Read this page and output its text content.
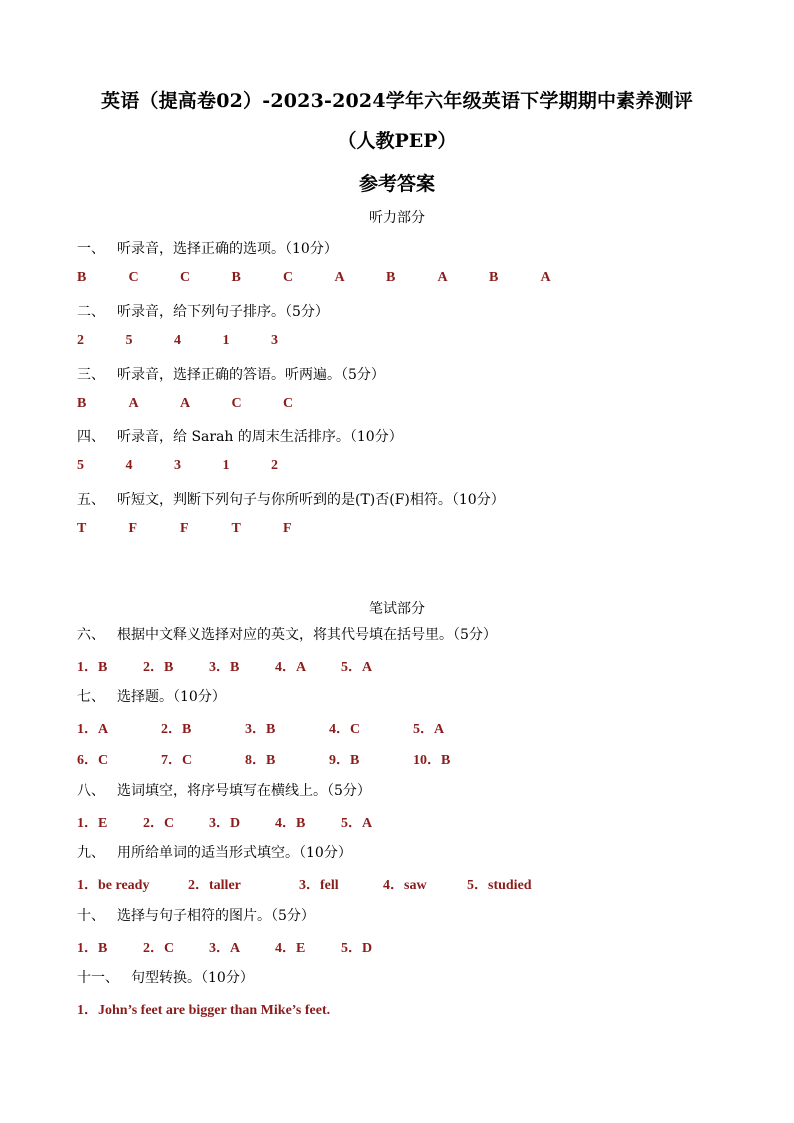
英语（提高卷02）-2023-2024学年六年级英语下学期期中素养测评
（人教PEP）
参考答案
听力部分
一、 听录音，选择正确的选项。（10分）
B	C	C	B	C	A	B	A	B	A
二、 听录音，给下列句子排序。（5分）
2	5	4	1	3
三、 听录音，选择正确的答语。听两遍。（5分）
B	A	A	C	C
四、 听录音，给 Sarah 的周末生活排序。（10分）
5	4	3	1	2
五、 听短文，判断下列句子与你所听到的是(T)否(F)相符。（10分）
T	F	F	T	F
笔试部分
六、 根据中文释义选择对应的英文，将其代号填在括号里。（5分）
1．B	2．B	3．B	4．A 5．A
七、 选择题。（10分）
1．A	2．B	3．B	4．C	5．A
6．C	7．C	8．B	9．B	10．B
八、 选词填空，将序号填写在横线上。（5分）
1．E	2．C 3．D 4．B	5．A
九、 用所给单词的适当形式填空。（10分）
1．be ready	2．taller	3．fell	4．saw	5．studied
十、 选择与句子相符的图片。（5分）
1．B	2．C 3．A 4．E	5．D
十一、 句型转换。（10分）
1．John’s feet are bigger than Mike’s feet.
